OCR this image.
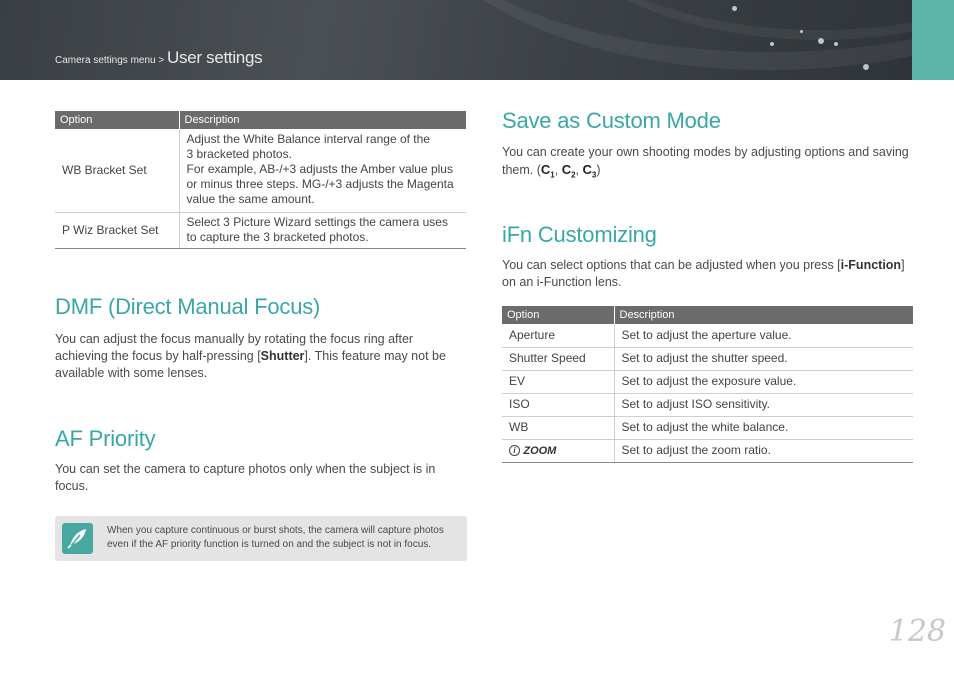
Camera settings menu > User settings
Option	Description
WB Bracket Set	Adjust the White Balance interval range of the
3 bracketed photos.
For example, AB-/+3 adjusts the Amber value plus
or minus three steps. MG-/+3 adjusts the Magenta
value the same amount.

P Wiz Bracket Set	Select 3 Picture Wizard settings the camera uses
to capture the 3 bracketed photos.
DMF (Direct Manual Focus)
You can adjust the focus manually by rotating the focus ring after achieving the focus by half-pressing [Shutter]. This feature may not be available with some lenses.
AF Priority
You can set the camera to capture photos only when the subject is in focus.
When you capture continuous or burst shots, the camera will capture photos even if the AF priority function is turned on and the subject is not in focus.
Save as Custom Mode
You can create your own shooting modes by adjusting options and saving them. ($C_1$, $C_2$, $C_3$)
iFn Customizing
You can select options that can be adjusted when you press [i-Function] on an i-Function lens.
Option	Description
Aperture	Set to adjust the aperture value.
Shutter Speed	Set to adjust the shutter speed.
EV	Set to adjust the exposure value.
ISO	Set to adjust ISO sensitivity.
WB	Set to adjust the white balance.
i ZOOM	Set to adjust the zoom ratio.
128
